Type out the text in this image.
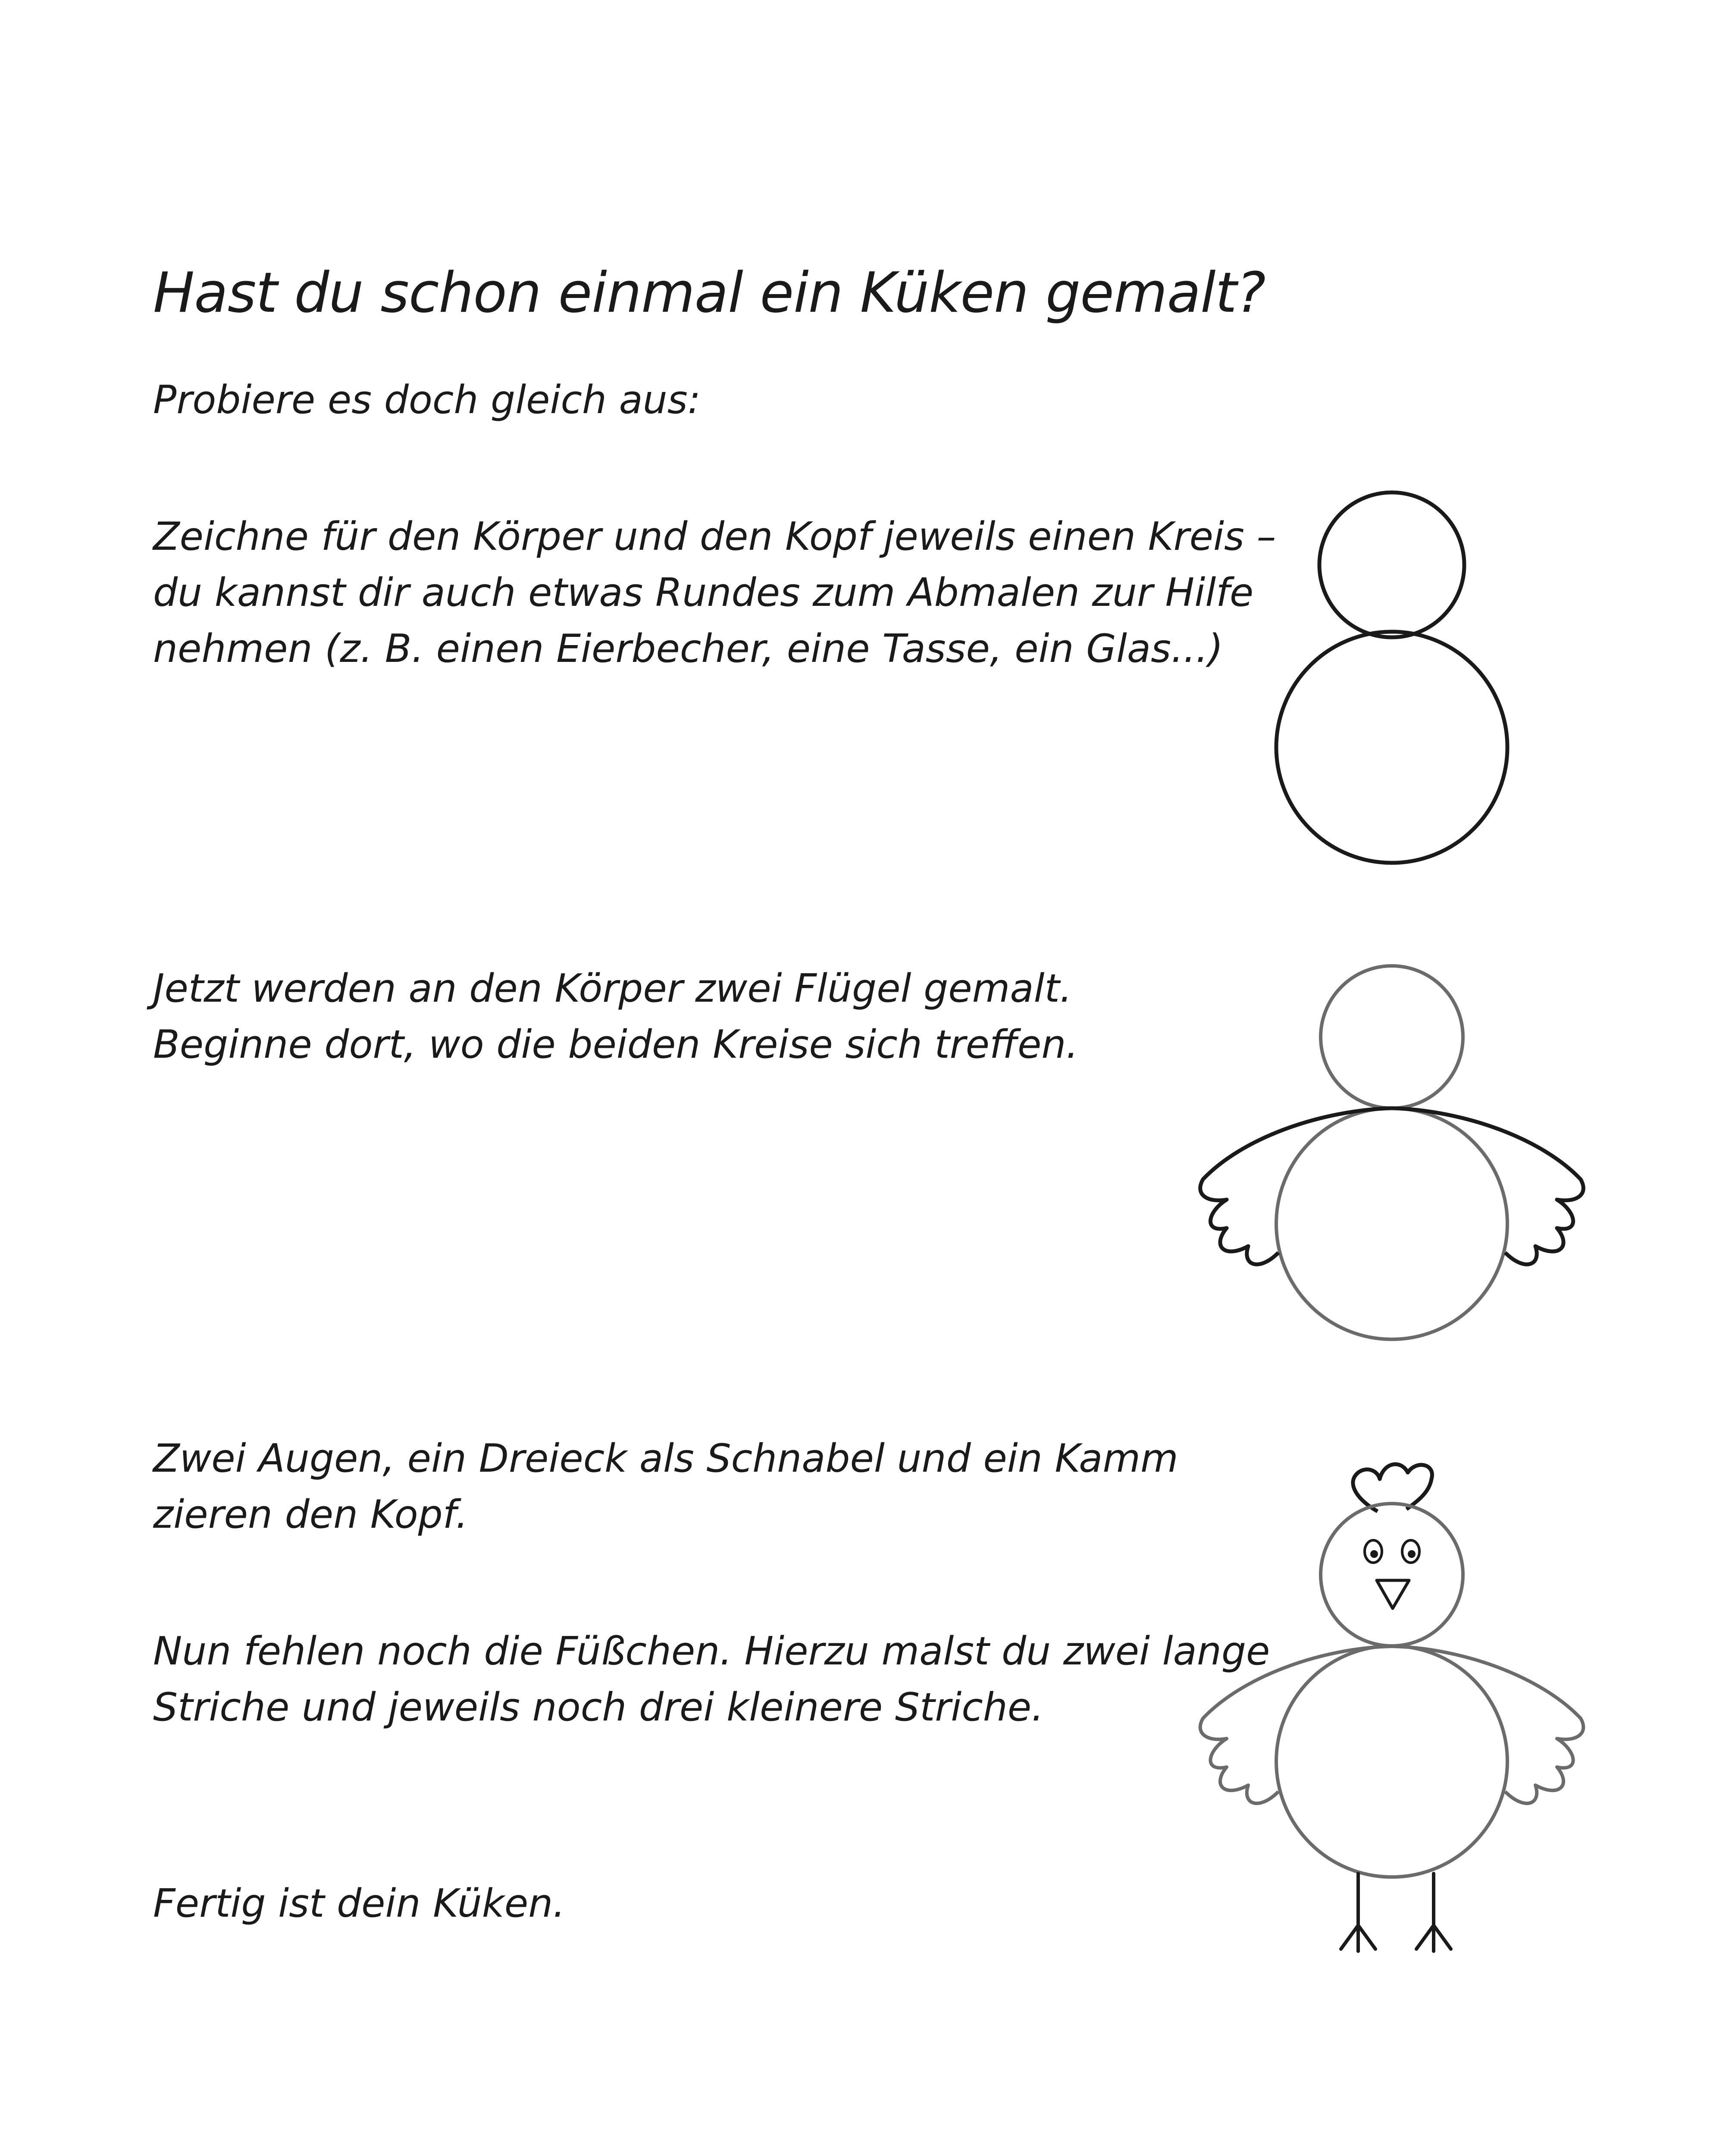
Hast du schon einmal ein Küken gemalt?

Probiere es doch gleich aus:

Zeichne für den Körper und den Kopf jeweils einen Kreis –
du kannst dir auch etwas Rundes zum Abmalen zur Hilfe
nehmen (z. B. einen Eierbecher, eine Tasse, ein Glas...)
Jetzt werden an den Körper zwei Flügel gemalt.
Beginne dort, wo die beiden Kreise sich treffen.
Zwei Augen, ein Dreieck als Schnabel und ein Kamm
zieren den Kopf.
Nun fehlen noch die Füßchen. Hierzu malst du zwei lange
Striche und jeweils noch drei kleinere Striche.
Fertig ist dein Küken.
